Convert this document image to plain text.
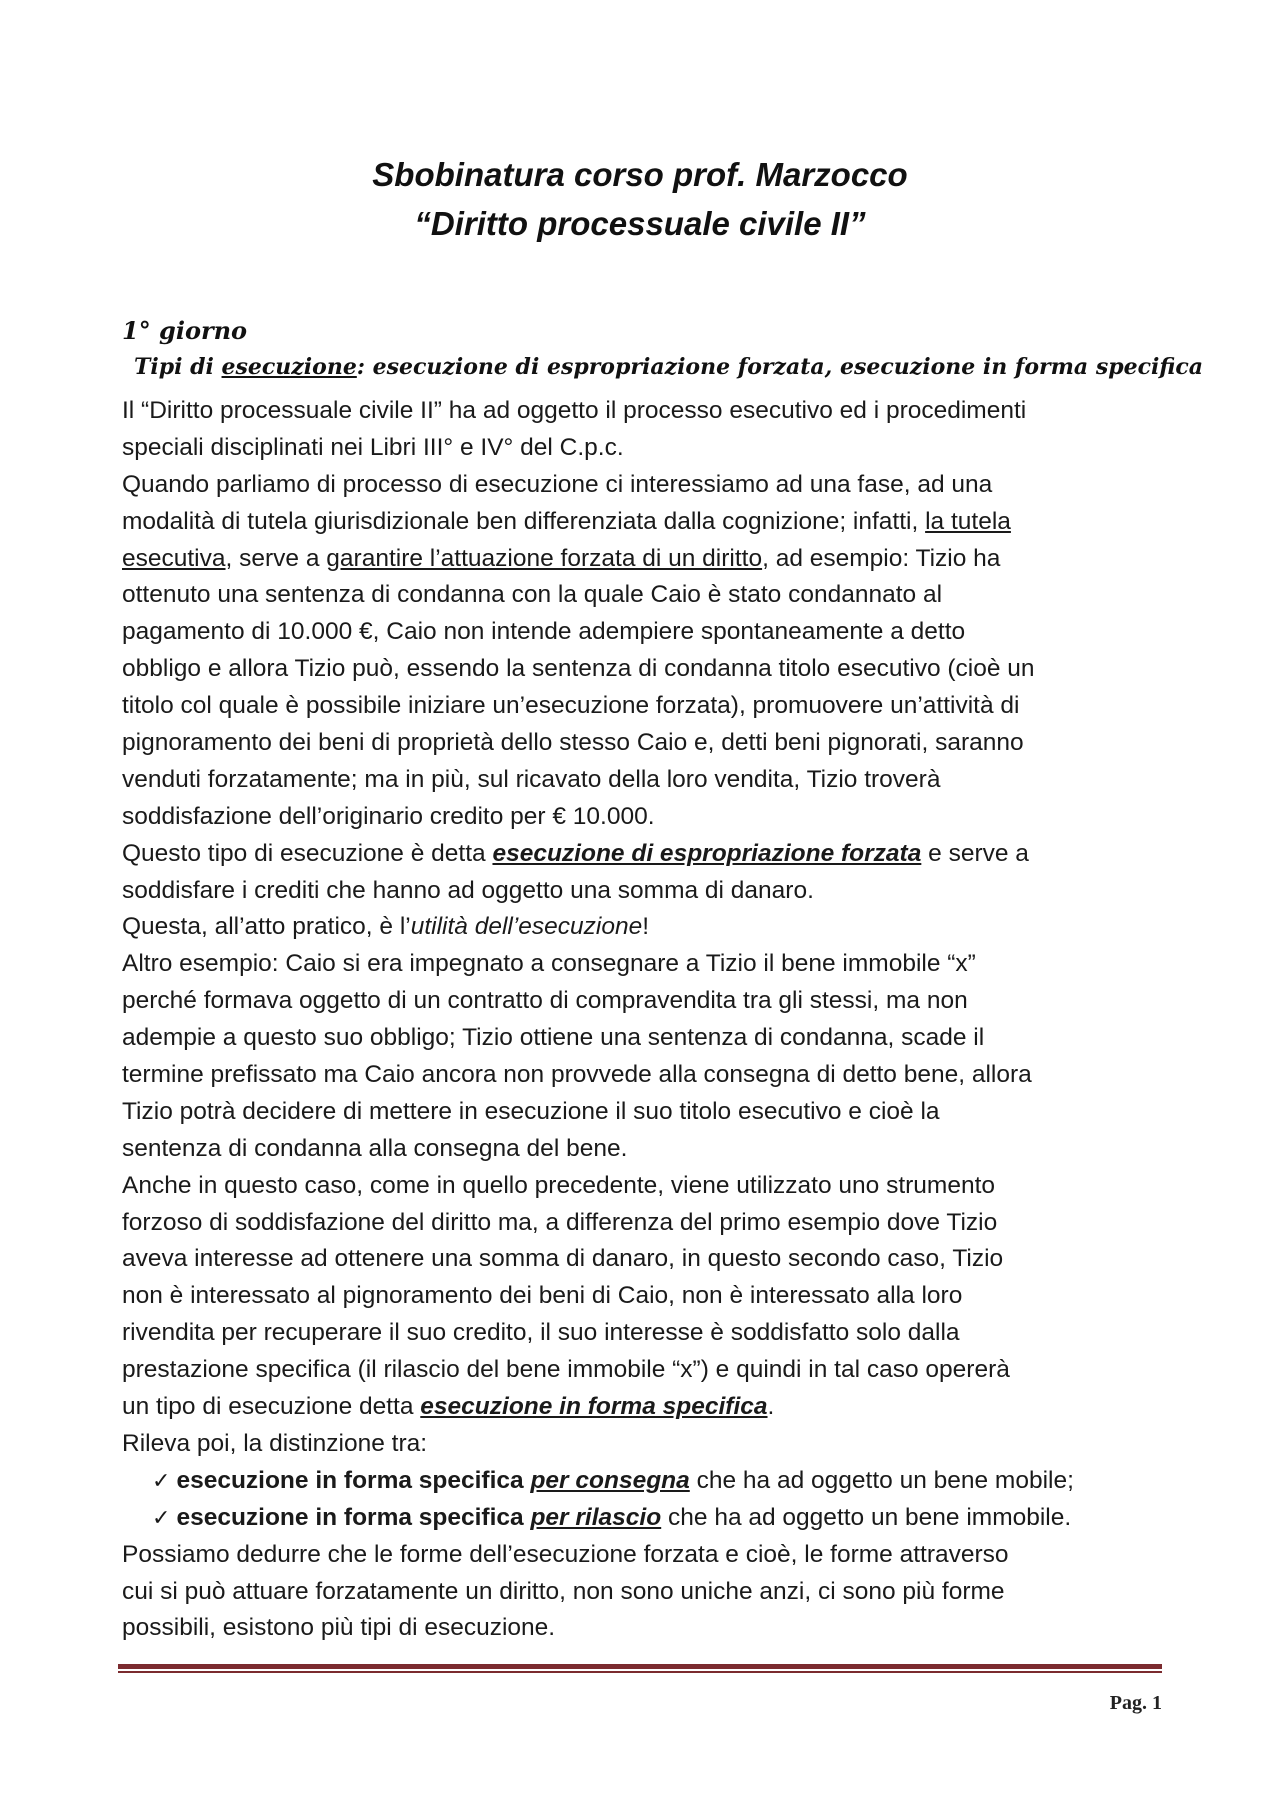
Sbobinatura corso prof. Marzocco
“Diritto processuale civile II”
1° giorno
Tipi di esecuzione: esecuzione di espropriazione forzata, esecuzione in forma specifica
Il “Diritto processuale civile II” ha ad oggetto il processo esecutivo ed i procedimenti
speciali disciplinati nei Libri III° e IV° del C.p.c.
Quando parliamo di processo di esecuzione ci interessiamo ad una fase, ad una
modalità di tutela giurisdizionale ben differenziata dalla cognizione; infatti, la tutela
esecutiva, serve a garantire l’attuazione forzata di un diritto, ad esempio: Tizio ha
ottenuto una sentenza di condanna con la quale Caio è stato condannato al
pagamento di 10.000 €, Caio non intende adempiere spontaneamente a detto
obbligo e allora Tizio può, essendo la sentenza di condanna titolo esecutivo (cioè un
titolo col quale è possibile iniziare un’esecuzione forzata), promuovere un’attività di
pignoramento dei beni di proprietà dello stesso Caio e, detti beni pignorati, saranno
venduti forzatamente; ma in più, sul ricavato della loro vendita, Tizio troverà
soddisfazione dell’originario credito per € 10.000.
Questo tipo di esecuzione è detta esecuzione di espropriazione forzata e serve a
soddisfare i crediti che hanno ad oggetto una somma di danaro.
Questa, all’atto pratico, è l’utilità dell’esecuzione!
Altro esempio: Caio si era impegnato a consegnare a Tizio il bene immobile “x”
perché formava oggetto di un contratto di compravendita tra gli stessi, ma non
adempie a questo suo obbligo; Tizio ottiene una sentenza di condanna, scade il
termine prefissato ma Caio ancora non provvede alla consegna di detto bene, allora
Tizio potrà decidere di mettere in esecuzione il suo titolo esecutivo e cioè la
sentenza di condanna alla consegna del bene.
Anche in questo caso, come in quello precedente, viene utilizzato uno strumento
forzoso di soddisfazione del diritto ma, a differenza del primo esempio dove Tizio
aveva interesse ad ottenere una somma di danaro, in questo secondo caso, Tizio
non è interessato al pignoramento dei beni di Caio, non è interessato alla loro
rivendita per recuperare il suo credito, il suo interesse è soddisfatto solo dalla
prestazione specifica (il rilascio del bene immobile “x”) e quindi in tal caso opererà
un tipo di esecuzione detta esecuzione in forma specifica.
Rileva poi, la distinzione tra:
✓ esecuzione in forma specifica per consegna che ha ad oggetto un bene mobile;
✓ esecuzione in forma specifica per rilascio che ha ad oggetto un bene immobile.
Possiamo dedurre che le forme dell’esecuzione forzata e cioè, le forme attraverso
cui si può attuare forzatamente un diritto, non sono uniche anzi, ci sono più forme
possibili, esistono più tipi di esecuzione.
Pag. 1
